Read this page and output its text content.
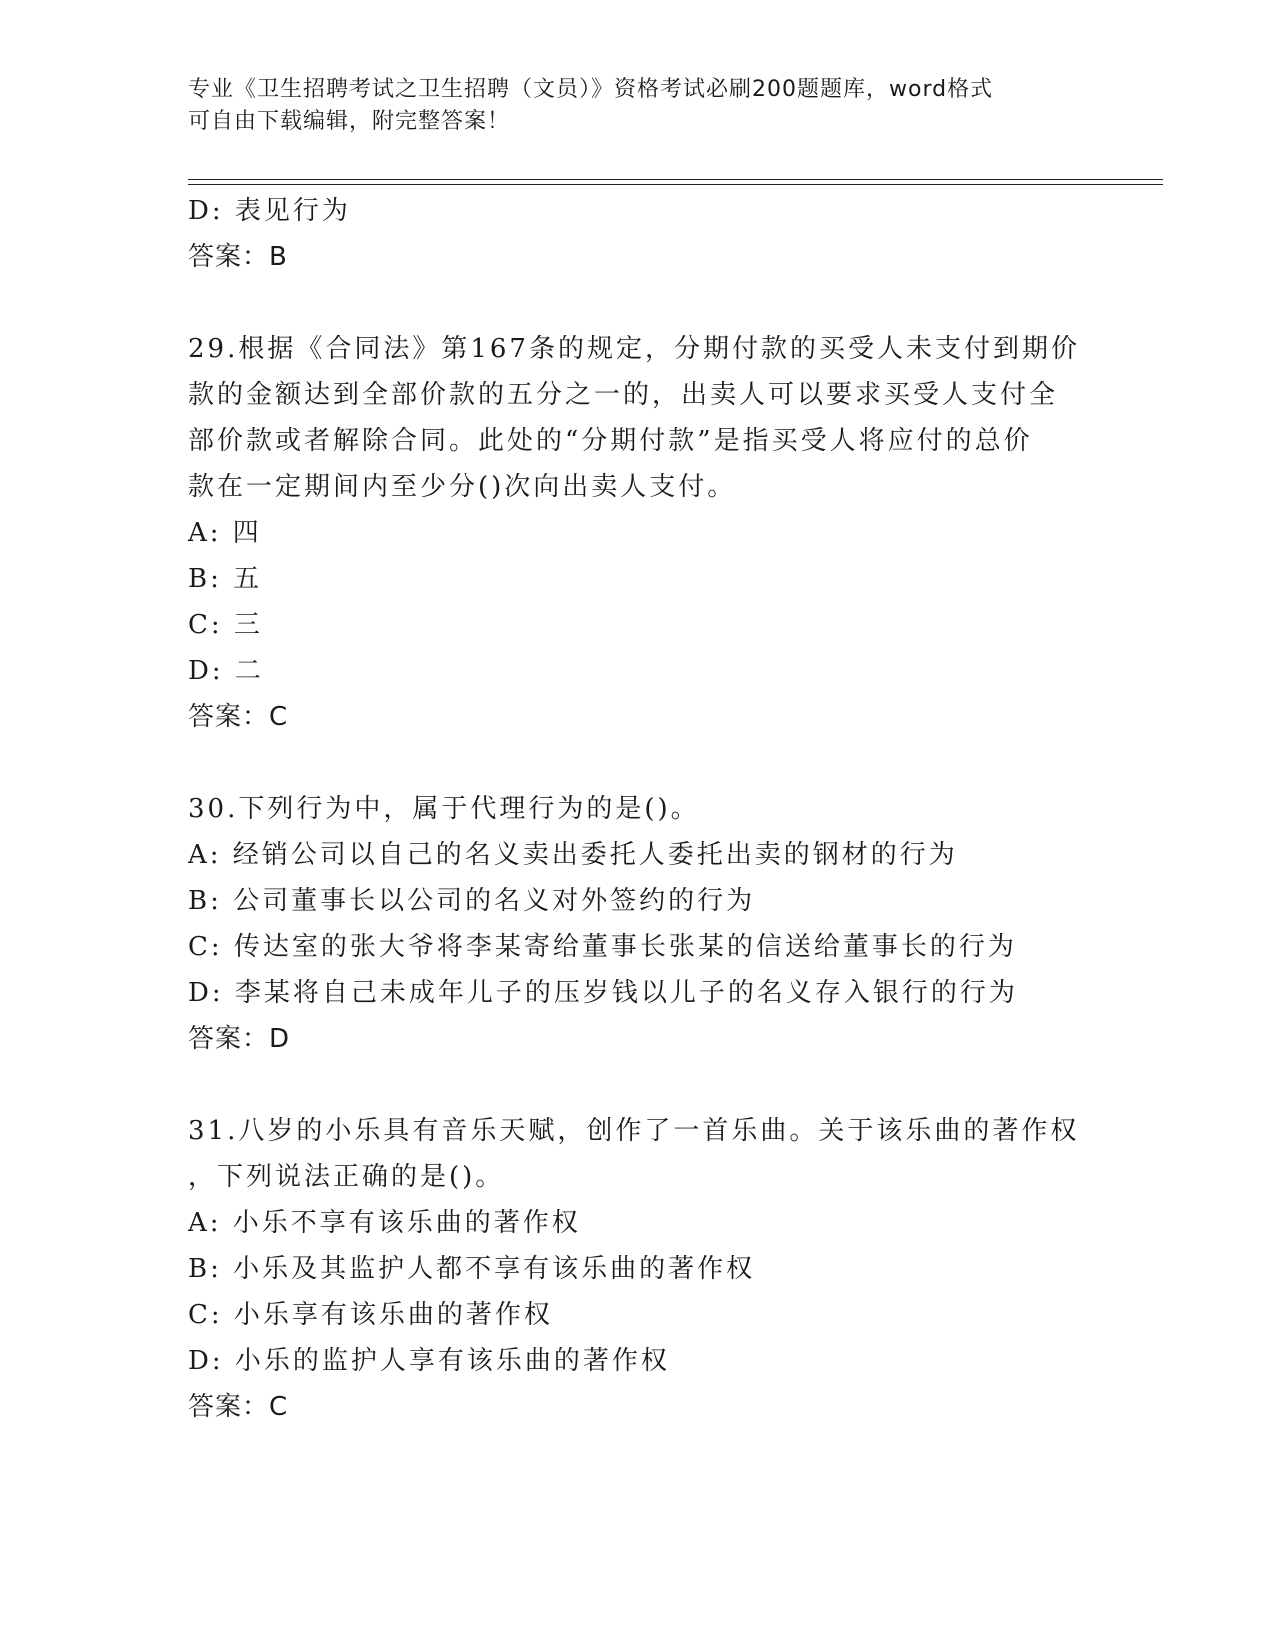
专业《卫生招聘考试之卫生招聘（文员）》资格考试必刷200题题库，word格式
可自由下载编辑，附完整答案！
D: 表见行为
答案：B
29.根据《合同法》第167条的规定，分期付款的买受人未支付到期价
款的金额达到全部价款的五分之一的，出卖人可以要求买受人支付全
部价款或者解除合同。此处的“分期付款”是指买受人将应付的总价
款在一定期间内至少分()次向出卖人支付。
A: 四
B: 五
C: 三
D: 二
答案：C
30.下列行为中，属于代理行为的是()。
A: 经销公司以自己的名义卖出委托人委托出卖的钢材的行为
B: 公司董事长以公司的名义对外签约的行为
C: 传达室的张大爷将李某寄给董事长张某的信送给董事长的行为
D: 李某将自己未成年儿子的压岁钱以儿子的名义存入银行的行为
答案：D
31.八岁的小乐具有音乐天赋，创作了一首乐曲。关于该乐曲的著作权
，下列说法正确的是()。
A: 小乐不享有该乐曲的著作权
B: 小乐及其监护人都不享有该乐曲的著作权
C: 小乐享有该乐曲的著作权
D: 小乐的监护人享有该乐曲的著作权
答案：C
